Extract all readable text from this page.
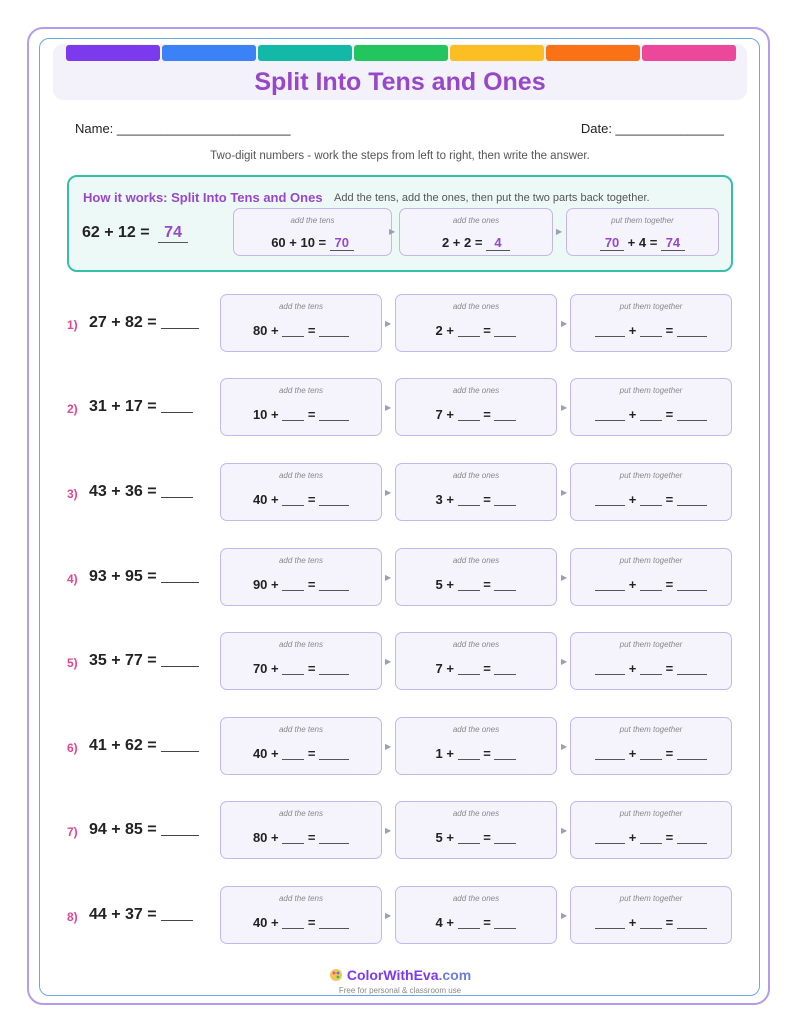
Split Into Tens and Ones
Name: ________________________	Date: _______________
Two-digit numbers - work the steps from left to right, then write the answer.
How it works: Split Into Tens and Ones Add the tens, add the ones, then put the two parts back together.
62 + 12 = 74
add the tens
60 + 10 = 70
▶
add the ones
2 + 2 = 4
▶
put them together
70 + 4 = 74
1) 27 + 82 =
add the tens
80 +  =	▶
add the ones
2 +  =	▶
put them together
+  =
2) 31 + 17 =
add the tens
10 +  =	▶
add the ones
7 +  =	▶
put them together
+  =
3) 43 + 36 =
add the tens
40 +  =	▶
add the ones
3 +  =	▶
put them together
+  =
4) 93 + 95 =
add the tens
90 +  =	▶
add the ones
5 +  =	▶
put them together
+  =
5) 35 + 77 =
add the tens
70 +  =	▶
add the ones
7 +  =	▶
put them together
+  =
6) 41 + 62 =
add the tens
40 +  =	▶
add the ones
1 +  =	▶
put them together
+  =
7) 94 + 85 =
add the tens
80 +  =	▶
add the ones
5 +  =	▶
put them together
+  =
8) 44 + 37 =
add the tens
40 +  =	▶
add the ones
4 +  =	▶
put them together
+  =
ColorWithEva.com
Free for personal & classroom use
